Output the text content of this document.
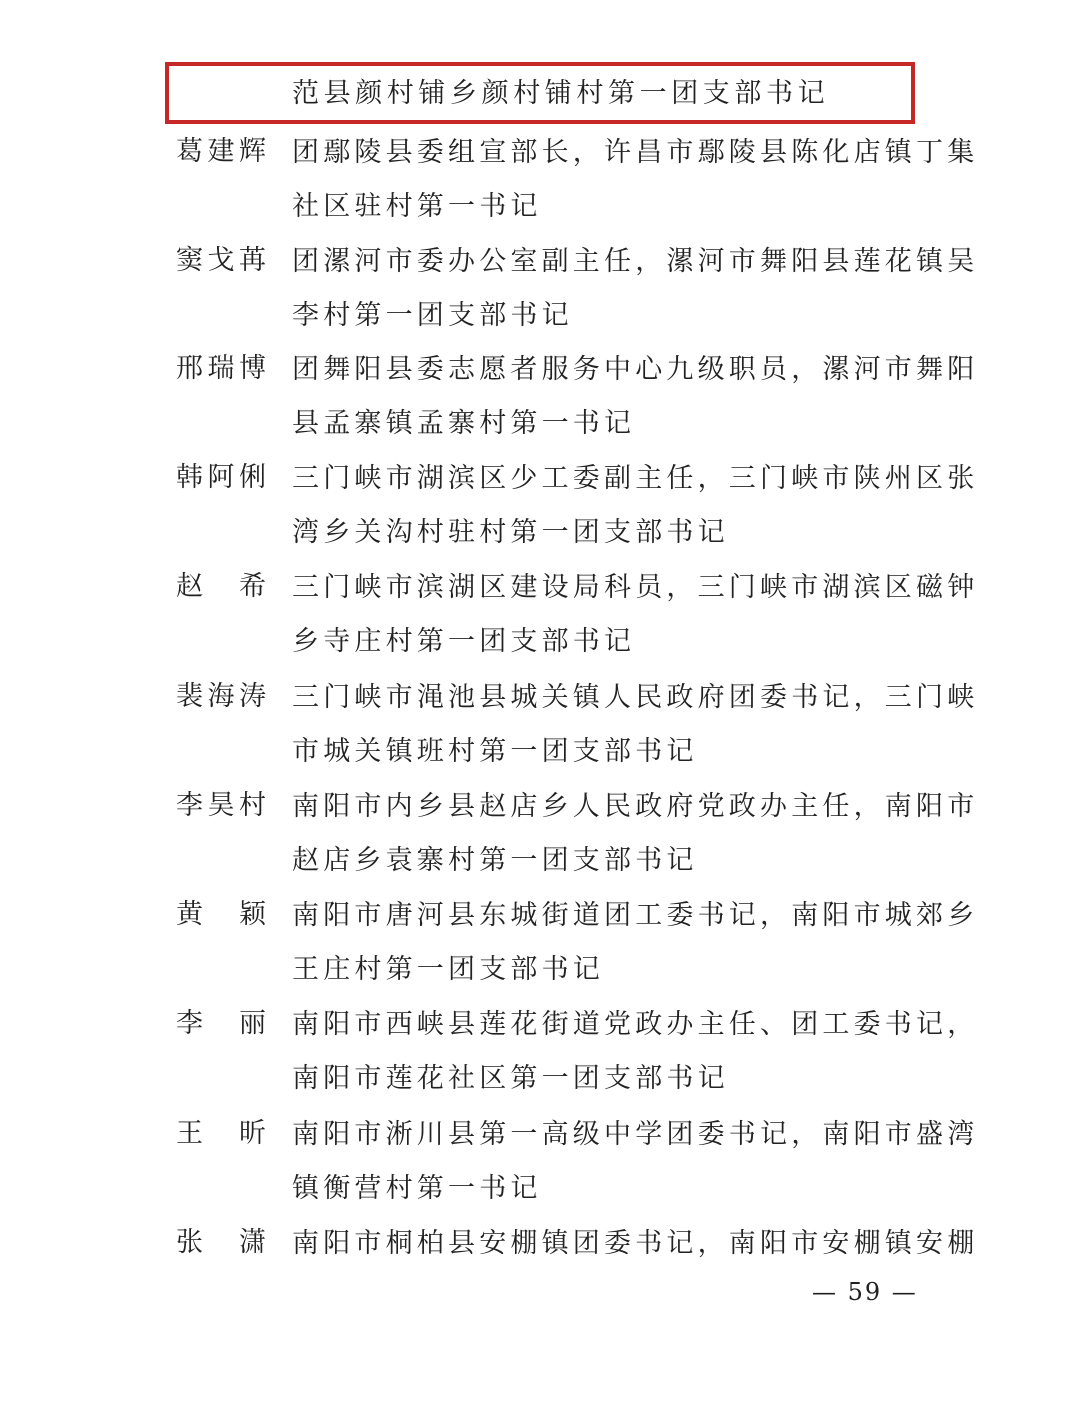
范县颜村铺乡颜村铺村第一团支部书记
葛 建 辉 团鄢陵县委组宣部长，许昌市鄢陵县陈化店镇丁集
社区驻村第一书记
窦 戈 苒 团漯河市委办公室副主任，漯河市舞阳县莲花镇吴
李村第一团支部书记
邢 瑞 博 团舞阳县委志愿者服务中心九级职员，漯河市舞阳
县孟寨镇孟寨村第一书记
韩 阿 俐 三门峡市湖滨区少工委副主任，三门峡市陕州区张
湾乡关沟村驻村第一团支部书记
赵 希 三门峡市滨湖区建设局科员，三门峡市湖滨区磁钟
乡寺庄村第一团支部书记
裴 海 涛 三门峡市渑池县城关镇人民政府团委书记，三门峡
市城关镇班村第一团支部书记
李 昊 村 南阳市内乡县赵店乡人民政府党政办主任，南阳市
赵店乡袁寨村第一团支部书记
黄 颖 南阳市唐河县东城街道团工委书记，南阳市城郊乡
王庄村第一团支部书记
李 丽 南阳市西峡县莲花街道党政办主任、团工委书记，
南阳市莲花社区第一团支部书记
王 昕 南阳市淅川县第一高级中学团委书记，南阳市盛湾
镇衡营村第一书记
张 潇 南阳市桐柏县安棚镇团委书记，南阳市安棚镇安棚
— 59 —
